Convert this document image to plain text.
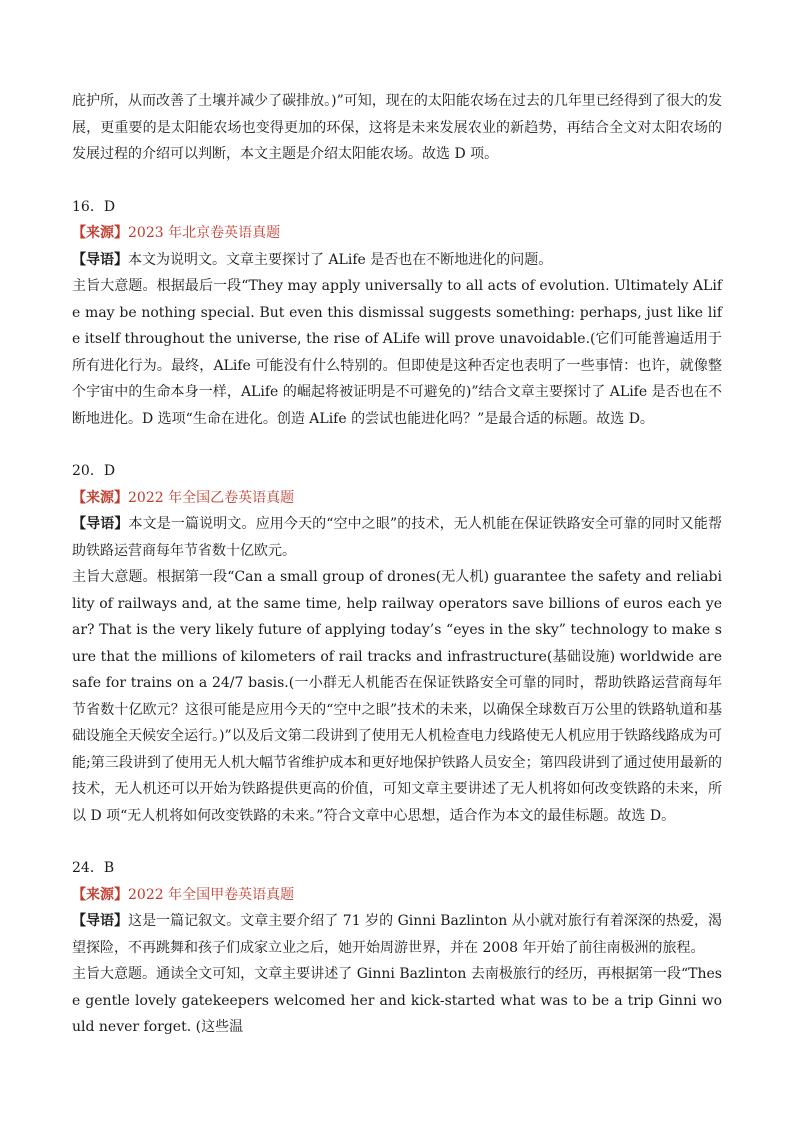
庇护所，从而改善了土壤并减少了碳排放。)”可知，现在的太阳能农场在过去的几年里已经得到了很大的发展，更重要的是太阳能农场也变得更加的环保，这将是未来发展农业的新趋势，再结合全文对太阳农场的发展过程的介绍可以判断，本文主题是介绍太阳能农场。故选 D 项。

16．D

【来源】2023 年北京卷英语真题

【导语】本文为说明文。文章主要探讨了 ALife 是否也在不断地进化的问题。

主旨大意题。根据最后一段“They may apply universally to all acts of evolution. Ultimately ALife may be nothing special. But even this dismissal suggests something: perhaps, just like life itself throughout the universe, the rise of ALife will prove unavoidable.(它们可能普遍适用于所有进化行为。最终，ALife 可能没有什么特别的。但即使是这种否定也表明了一些事情：也许，就像整个宇宙中的生命本身一样，ALife 的崛起将被证明是不可避免的)”结合文章主要探讨了 ALife 是否也在不断地进化。D 选项“生命在进化。创造 ALife 的尝试也能进化吗？”是最合适的标题。故选 D。

20．D

【来源】2022 年全国乙卷英语真题

【导语】本文是一篇说明文。应用今天的“空中之眼”的技术，无人机能在保证铁路安全可靠的同时又能帮助铁路运营商每年节省数十亿欧元。

主旨大意题。根据第一段“Can a small group of drones(无人机) guarantee the safety and reliability of railways and, at the same time, help railway operators save billions of euros each year? That is the very likely future of applying today’s “eyes in the sky” technology to make sure that the millions of kilometers of rail tracks and infrastructure(基础设施) worldwide are safe for trains on a 24/7 basis.(一小群无人机能否在保证铁路安全可靠的同时，帮助铁路运营商每年节省数十亿欧元？这很可能是应用今天的“空中之眼”技术的未来，以确保全球数百万公里的铁路轨道和基础设施全天候安全运行。)”以及后文第二段讲到了使用无人机检查电力线路使无人机应用于铁路线路成为可能;第三段讲到了使用无人机大幅节省维护成本和更好地保护铁路人员安全；第四段讲到了通过使用最新的技术，无人机还可以开始为铁路提供更高的价值，可知文章主要讲述了无人机将如何改变铁路的未来，所以 D 项“无人机将如何改变铁路的未来。”符合文章中心思想，适合作为本文的最佳标题。故选 D。

24．B

【来源】2022 年全国甲卷英语真题

【导语】这是一篇记叙文。文章主要介绍了 71 岁的 Ginni Bazlinton 从小就对旅行有着深深的热爱，渴望探险，不再跳舞和孩子们成家立业之后，她开始周游世界，并在 2008 年开始了前往南极洲的旅程。

主旨大意题。通读全文可知，文章主要讲述了 Ginni Bazlinton 去南极旅行的经历，再根据第一段“These gentle lovely gatekeepers welcomed her and kick-started what was to be a trip Ginni would never forget. (这些温
